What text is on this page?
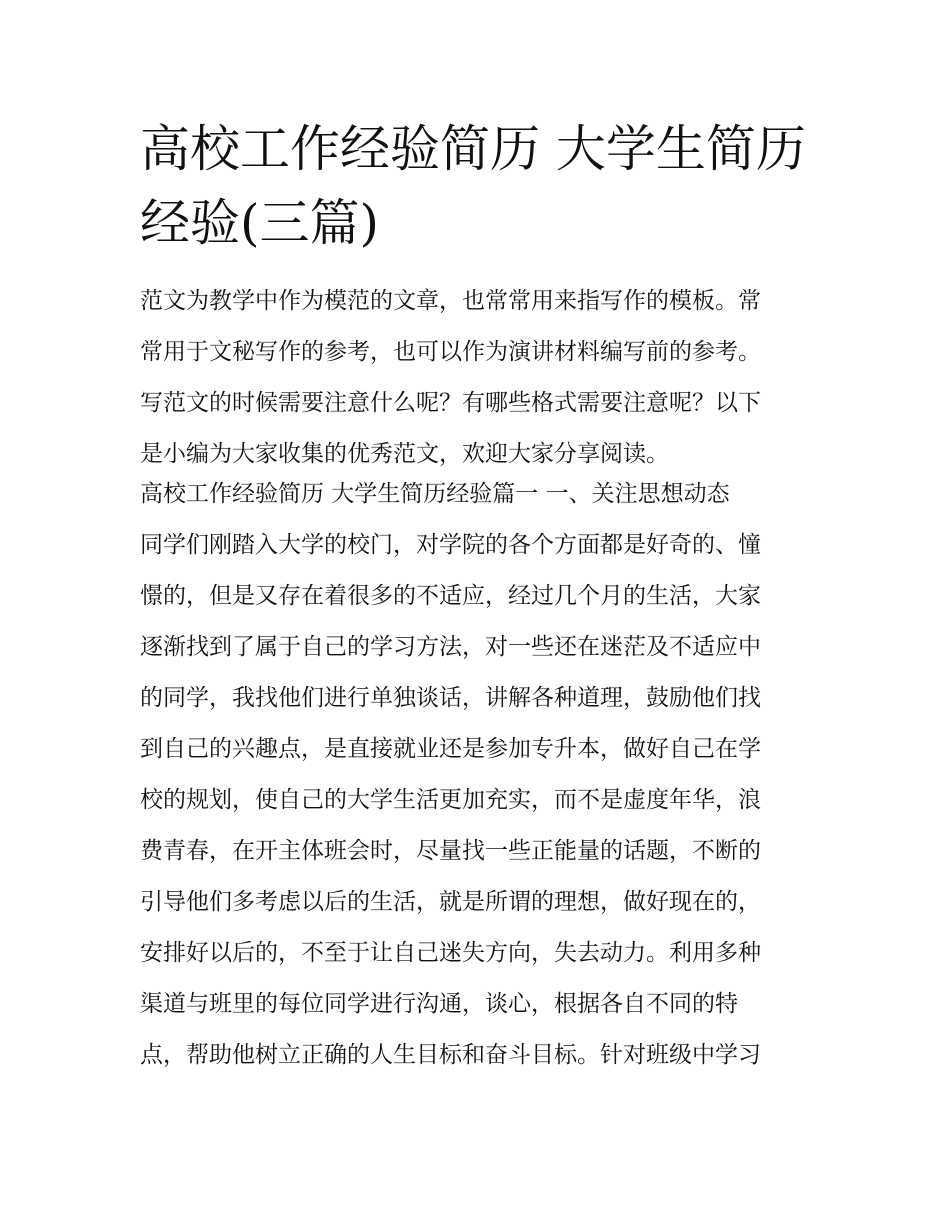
高校工作经验简历 大学生简历
经验(三篇)
范文为教学中作为模范的文章，也常常用来指写作的模板。常
常用于文秘写作的参考，也可以作为演讲材料编写前的参考。
写范文的时候需要注意什么呢？有哪些格式需要注意呢？以下
是小编为大家收集的优秀范文，欢迎大家分享阅读。
高校工作经验简历 大学生简历经验篇一 一、关注思想动态
同学们刚踏入大学的校门，对学院的各个方面都是好奇的、憧
憬的，但是又存在着很多的不适应，经过几个月的生活，大家
逐渐找到了属于自己的学习方法，对一些还在迷茫及不适应中
的同学，我找他们进行单独谈话，讲解各种道理，鼓励他们找
到自己的兴趣点，是直接就业还是参加专升本，做好自己在学
校的规划，使自己的大学生活更加充实，而不是虚度年华，浪
费青春，在开主体班会时，尽量找一些正能量的话题，不断的
引导他们多考虑以后的生活，就是所谓的理想，做好现在的，
安排好以后的，不至于让自己迷失方向，失去动力。利用多种
渠道与班里的每位同学进行沟通，谈心，根据各自不同的特
点，帮助他树立正确的人生目标和奋斗目标。针对班级中学习
